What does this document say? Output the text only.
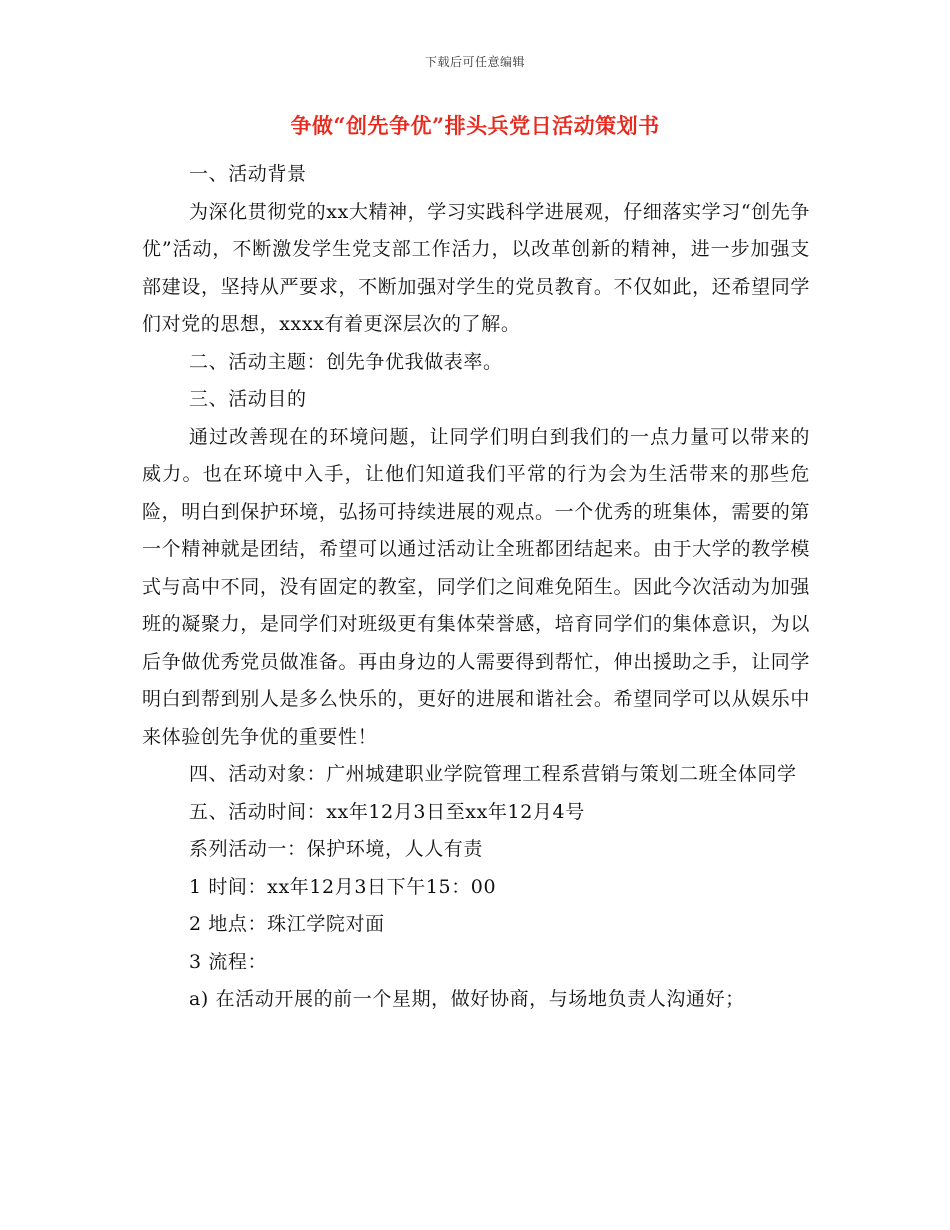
下载后可任意编辑
争做“创先争优”排头兵党日活动策划书

一、活动背景

为深化贯彻党的xx大精神，学习实践科学进展观，仔细落实学习“创先争优”活动，不断激发学生党支部工作活力，以改革创新的精神，进一步加强支部建设，坚持从严要求，不断加强对学生的党员教育。不仅如此，还希望同学们对党的思想，xxxx有着更深层次的了解。

二、活动主题：创先争优我做表率。

三、活动目的

通过改善现在的环境问题，让同学们明白到我们的一点力量可以带来的威力。也在环境中入手，让他们知道我们平常的行为会为生活带来的那些危险，明白到保护环境，弘扬可持续进展的观点。一个优秀的班集体，需要的第一个精神就是团结，希望可以通过活动让全班都团结起来。由于大学的教学模式与高中不同，没有固定的教室，同学们之间难免陌生。因此今次活动为加强班的凝聚力，是同学们对班级更有集体荣誉感，培育同学们的集体意识，为以后争做优秀党员做准备。再由身边的人需要得到帮忙，伸出援助之手，让同学明白到帮到别人是多么快乐的，更好的进展和谐社会。希望同学可以从娱乐中来体验创先争优的重要性！

四、活动对象：广州城建职业学院管理工程系营销与策划二班全体同学

五、活动时间：xx年12月3日至xx年12月4号

系列活动一：保护环境，人人有责

1 时间：xx年12月3日下午15：00

2 地点：珠江学院对面

3 流程：

a) 在活动开展的前一个星期，做好协商，与场地负责人沟通好；
